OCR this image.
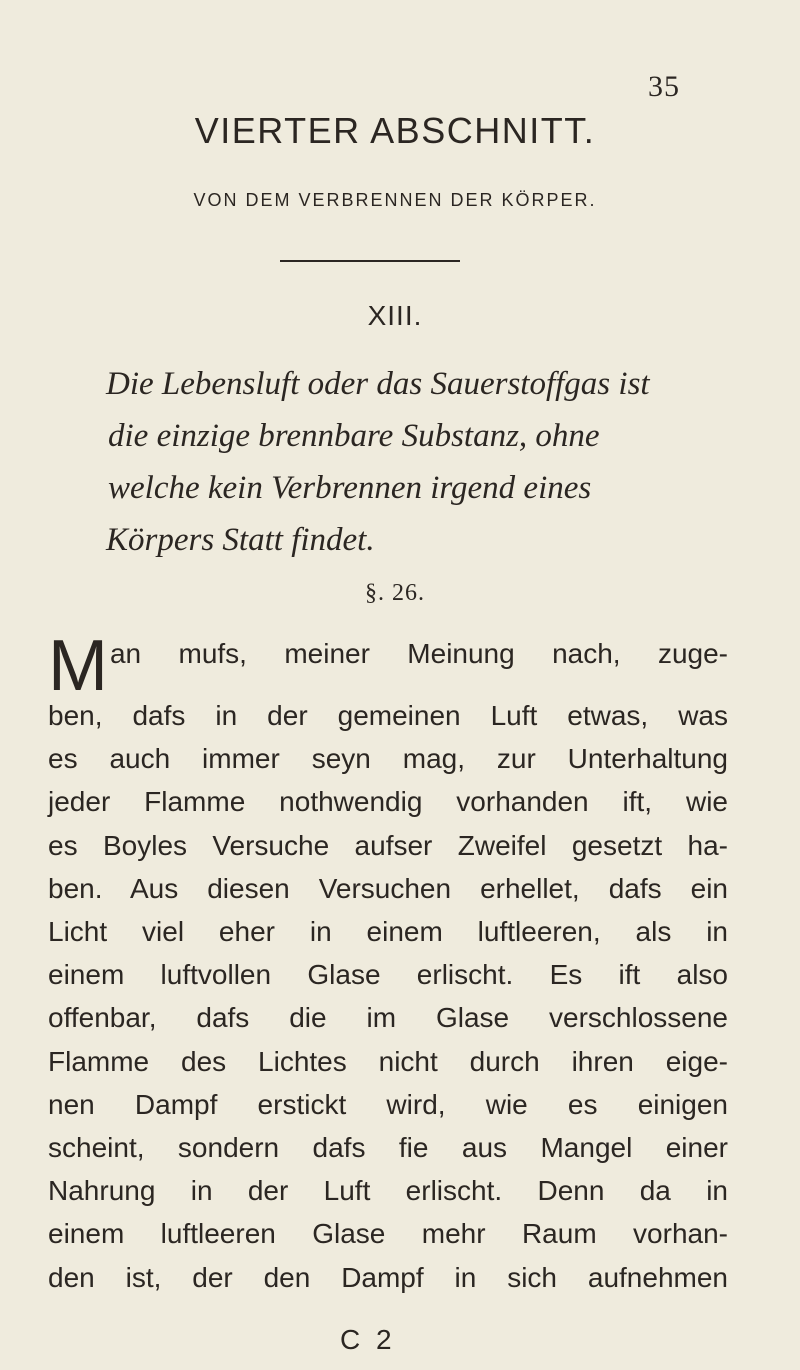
35
VIERTER ABSCHNITT.
VON DEM VERBRENNEN DER KÖRPER.
XIII.

Die Lebensluft oder das Sauerstoffgas ist

die einzige brennbare Substanz, ohne

welche kein Verbrennen irgend eines

Körpers Statt findet.

§. 26.
M an mufs, meiner Meinung nach, zuge-

ben, dafs in der gemeinen Luft etwas, was

es auch immer seyn mag, zur Unterhaltung

jeder Flamme nothwendig vorhanden ift, wie

es Boyles Versuche aufser Zweifel gesetzt ha-

ben. Aus diesen Versuchen erhellet, dafs ein

Licht viel eher in einem luftleeren, als in

einem luftvollen Glase erlischt. Es ift also

offenbar, dafs die im Glase verschlossene

Flamme des Lichtes nicht durch ihren eige-

nen Dampf erstickt wird, wie es einigen

scheint, sondern dafs fie aus Mangel einer

Nahrung in der Luft erlischt. Denn da in

einem luftleeren Glase mehr Raum vorhan-

den ist, der den Dampf in sich aufnehmen

C 2
